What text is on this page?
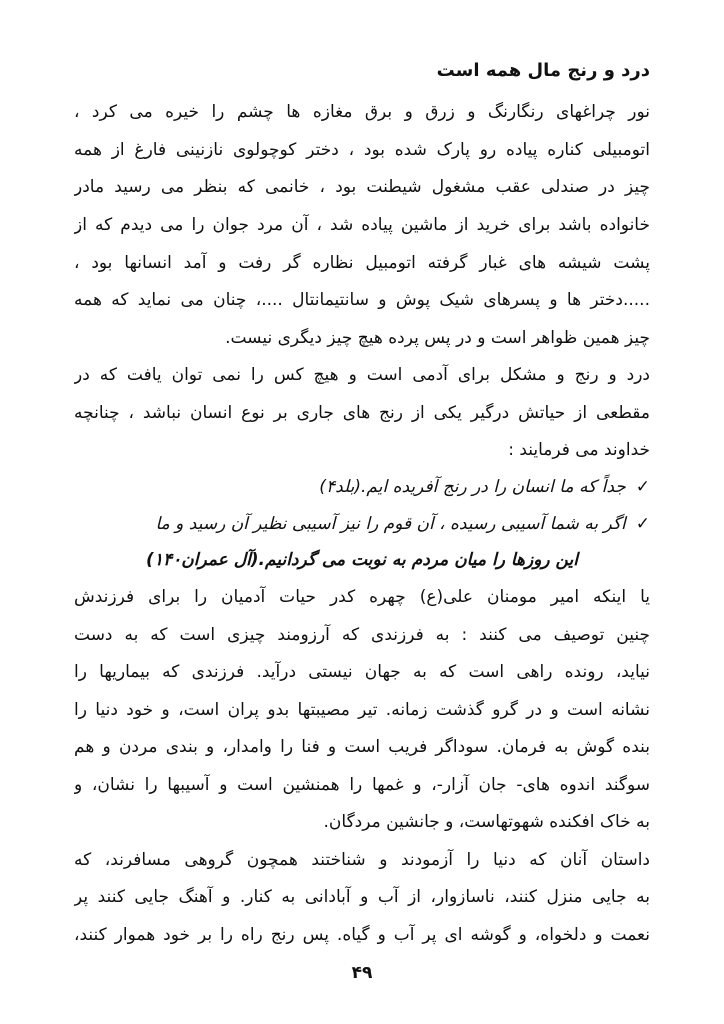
درد و رنج مال همه است
نور چراغهای رنگارنگ و زرق و برق مغازه ها چشم را خیره می کرد ،
اتومبیلی کناره پیاده رو پارک شده بود ، دختر کوچولوی نازنینی فارغ از همه
چیز در صندلی عقب مشغول شیطنت بود ، خانمی که بنظر می رسید مادر
خانواده باشد برای خرید از ماشین پیاده شد ، آن مرد جوان را می دیدم که از
پشت شیشه های غبار گرفته اتومبیل نظاره گر رفت و آمد انسانها بود ،
.....دختر ها و پسرهای شیک پوش و سانتیمانتال ....، چنان می نماید که همه
چیز همین ظواهر است و در پس پرده هیچ چیز دیگری نیست.
درد و رنج و مشکل برای آدمی است و هیچ کس را نمی توان یافت که در
مقطعی از حیاتش درگیر یکی از رنج های جاری بر نوع انسان نباشد ، چنانچه
خداوند می فرمایند :
✓جداً که ما انسان را در رنج آفریده ایم.(بلد۴)
✓اگر به شما آسیبی رسیده ، آن قوم را نیز آسیبی نظیر آن رسید و ما
این روزها را میان مردم به نوبت می گردانیم.(آل عمران۱۴۰)
یا اینکه امیر مومنان علی(ع) چهره کدر حیات آدمیان را برای فرزندش
چنین توصیف می کنند : به فرزندی که آرزومند چیزی است که به دست
نیاید، رونده راهی است که به جهان نیستی درآید. فرزندی که بیماریها را
نشانه است و در گرو گذشت زمانه. تیر مصیبتها بدو پران است، و خود دنیا را
بنده گوش به فرمان. سوداگر فریب است و فنا را وامدار، و بندی مردن و هم
سوگند اندوه های- جان آزار-، و غمها را همنشین است و آسیبها را نشان، و
به خاک افکنده شهوتهاست، و جانشین مردگان.
داستان آنان که دنیا را آزمودند و شناختند همچون گروهی مسافرند، که
به جایی منزل کنند، ناسازوار، از آب و آبادانی به کنار. و آهنگ جایی کنند پر
نعمت و دلخواه، و گوشه ای پر آب و گیاه. پس رنج راه را بر خود هموار کنند،
۴۹
